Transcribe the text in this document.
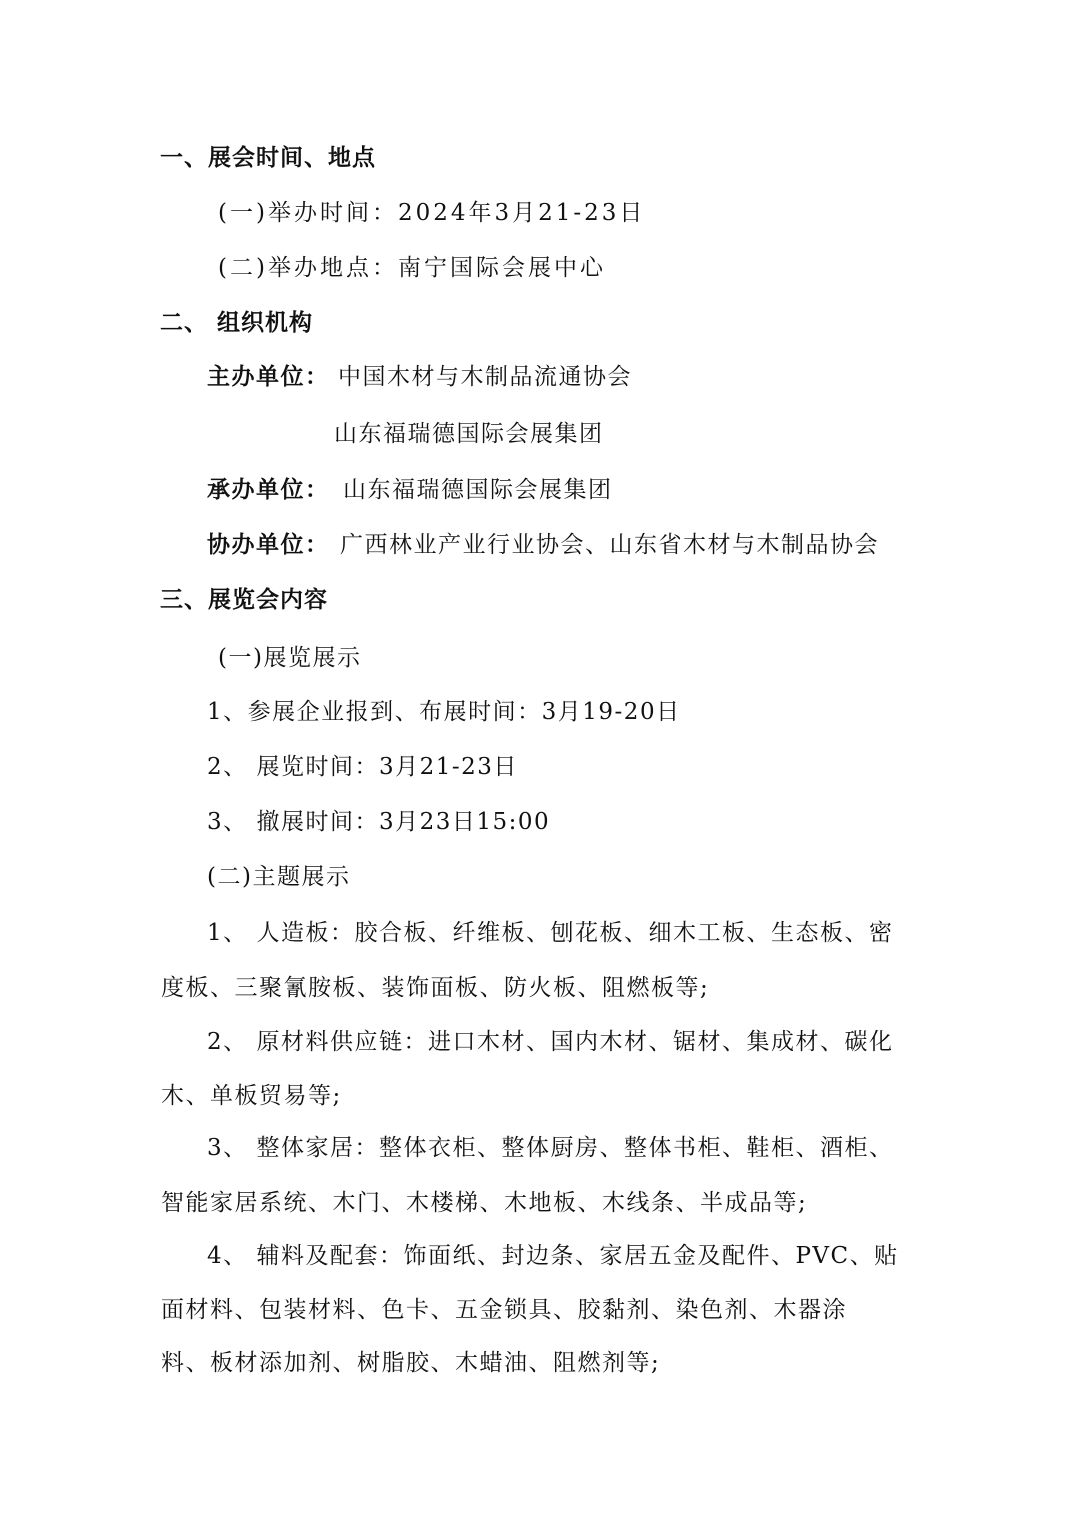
一、展会时间、地点
(一)举办时间：2024年3月21-23日
(二)举办地点：南宁国际会展中心
二、 组织机构
主办单位： 中国木材与木制品流通协会
山东福瑞德国际会展集团
承办单位： 山东福瑞德国际会展集团
协办单位： 广西林业产业行业协会、山东省木材与木制品协会
三、展览会内容
(一)展览展示
1、参展企业报到、布展时间：3月19-20日
2、 展览时间：3月21-23日
3、 撤展时间：3月23日15:00
(二)主题展示
1、 人造板：胶合板、纤维板、刨花板、细木工板、生态板、密
度板、三聚氰胺板、装饰面板、防火板、阻燃板等;
2、 原材料供应链：进口木材、国内木材、锯材、集成材、碳化
木、单板贸易等;
3、 整体家居：整体衣柜、整体厨房、整体书柜、鞋柜、酒柜、
智能家居系统、木门、木楼梯、木地板、木线条、半成品等;
4、 辅料及配套：饰面纸、封边条、家居五金及配件、PVC、贴
面材料、包装材料、色卡、五金锁具、胶黏剂、染色剂、木器涂
料、板材添加剂、树脂胶、木蜡油、阻燃剂等;
